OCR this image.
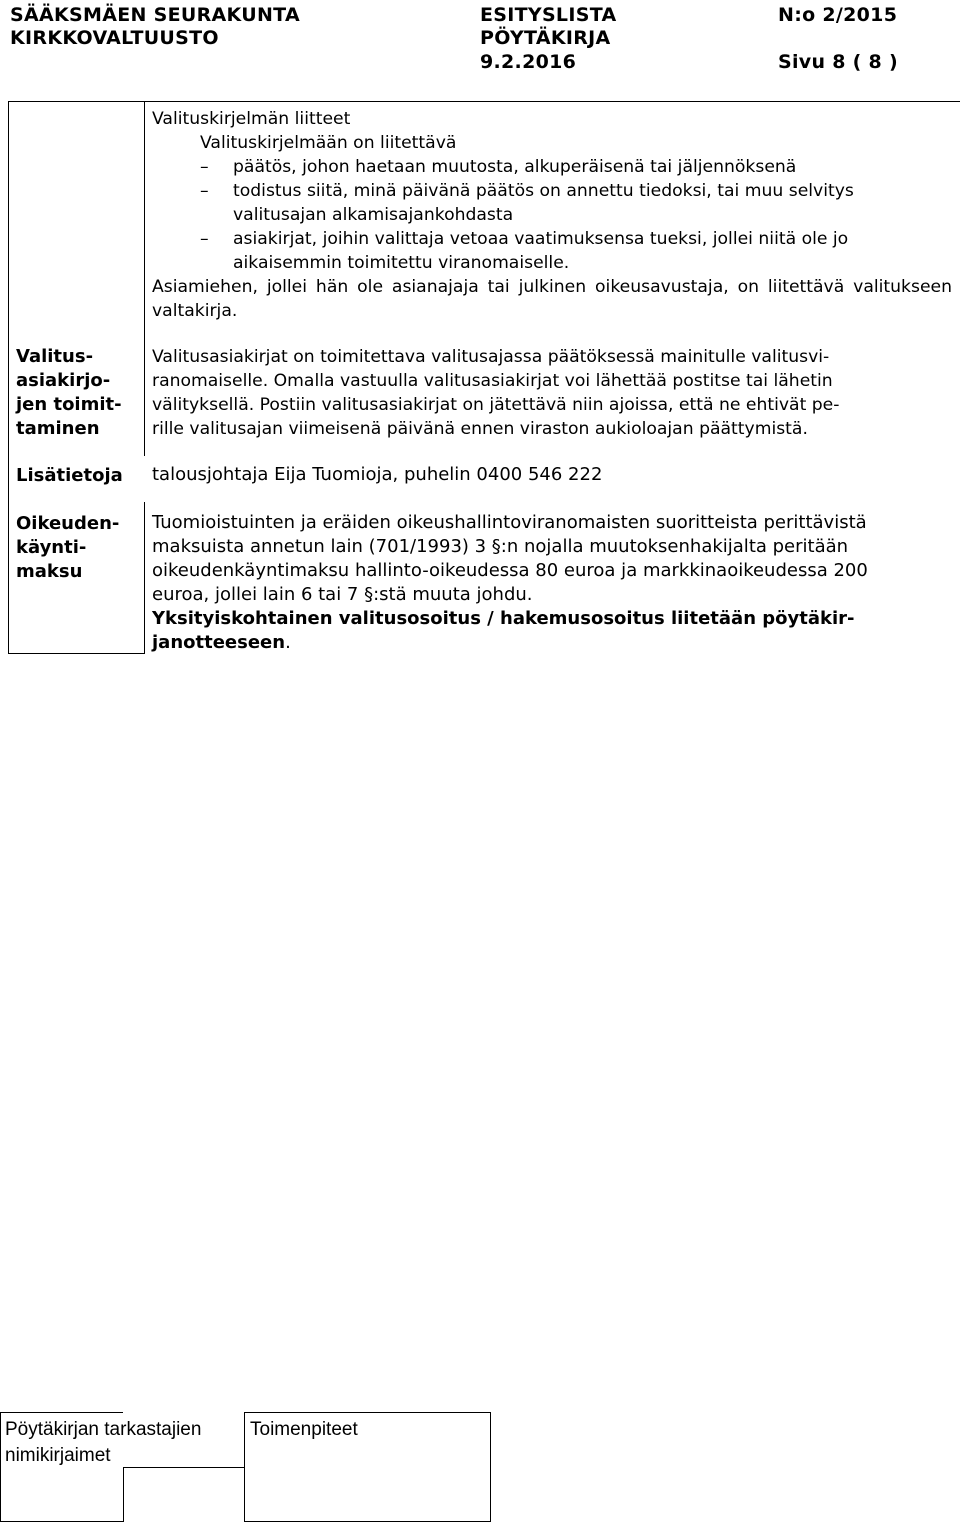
SÄÄKSMÄEN SEURAKUNTA
KIRKKOVALTUUSTO
ESITYSLISTA
PÖYTÄKIRJA
N:o 2/2015
9.2.2016	Sivu 8 ( 8 )
Valituskirjelmän liitteet
Valituskirjelmään on liitettävä
– päätös, johon haetaan muutosta, alkuperäisenä tai jäljennöksenä
– todistus siitä, minä päivänä päätös on annettu tiedoksi, tai muu selvitys
valitusajan alkamisajankohdasta
– asiakirjat, joihin valittaja vetoaa vaatimuksensa tueksi, jollei niitä ole jo
aikaisemmin toimitettu viranomaiselle.
Asiamiehen, jollei hän ole asianajaja tai julkinen oikeusavustaja, on liitettävä valitukseen valtakirja.
Valitus-
asiakirjo-
jen toimit-
taminen
Valitusasiakirjat on toimitettava valitusajassa päätöksessä mainitulle valitusvi-
ranomaiselle. Omalla vastuulla valitusasiakirjat voi lähettää postitse tai lähetin
välityksellä. Postiin valitusasiakirjat on jätettävä niin ajoissa, että ne ehtivät pe-
rille valitusajan viimeisenä päivänä ennen viraston aukioloajan päättymistä.
Lisätietoja talousjohtaja Eija Tuomioja, puhelin 0400 546 222
Oikeuden-
käynti-
maksu
Tuomioistuinten ja eräiden oikeushallintoviranomaisten suoritteista perittävistä
maksuista annetun lain (701/1993) 3 §:n nojalla muutoksenhakijalta peritään
oikeudenkäyntimaksu hallinto-oikeudessa 80 euroa ja markkinaoikeudessa 200
euroa, jollei lain 6 tai 7 §:stä muuta johdu.
Yksityiskohtainen valitusosoitus / hakemusosoitus liitetään pöytäkir-
janotteeseen.
Pöytäkirjan tarkastajien nimikirjaimet
Toimenpiteet
